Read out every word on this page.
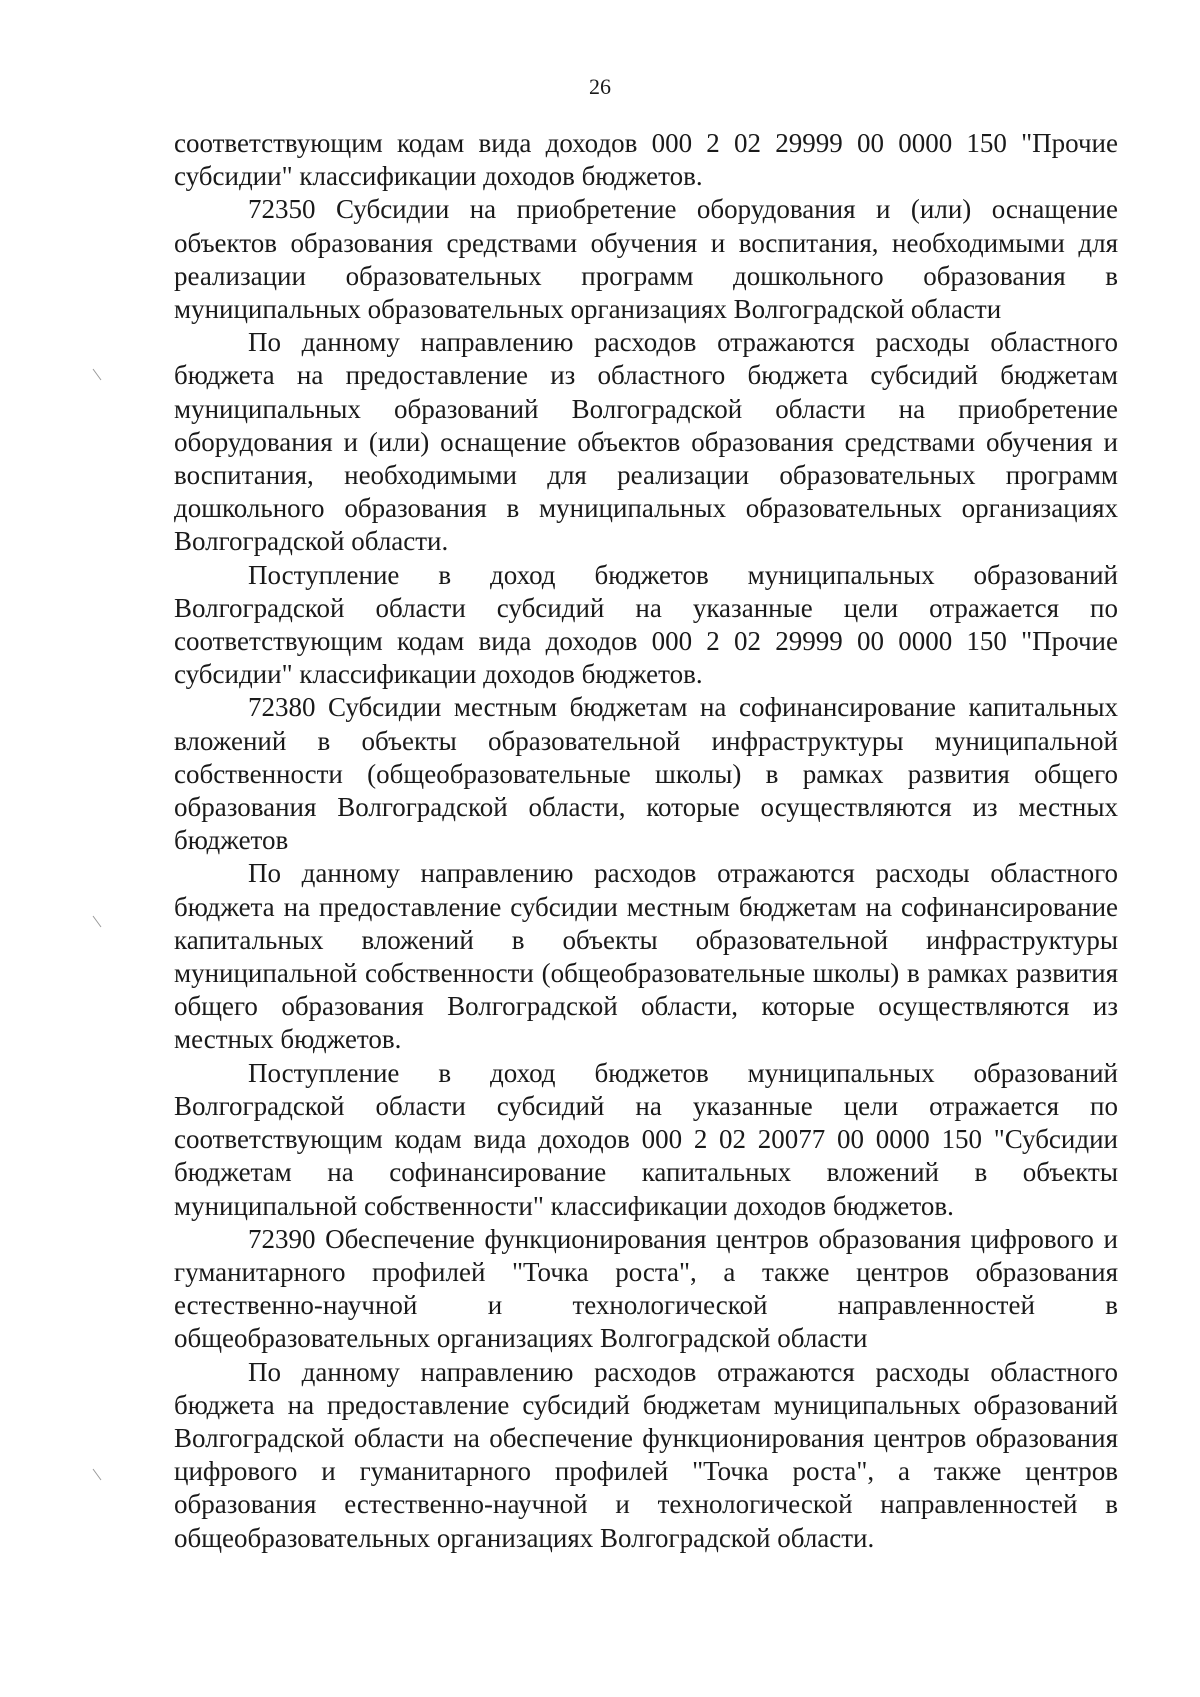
26

соответствующим кодам вида доходов 000 2 02 29999 00 0000 150 "Прочие субсидии" классификации доходов бюджетов.

72350 Субсидии на приобретение оборудования и (или) оснащение объектов образования средствами обучения и воспитания, необходимыми для реализации образовательных программ дошкольного образования в муниципальных образовательных организациях Волгоградской области

По данному направлению расходов отражаются расходы областного бюджета на предоставление из областного бюджета субсидий бюджетам муниципальных образований Волгоградской области на приобретение оборудования и (или) оснащение объектов образования средствами обучения и воспитания, необходимыми для реализации образовательных программ дошкольного образования в муниципальных образовательных организациях Волгоградской области.

Поступление в доход бюджетов муниципальных образований Волгоградской области субсидий на указанные цели отражается по соответствующим кодам вида доходов 000 2 02 29999 00 0000 150 "Прочие субсидии" классификации доходов бюджетов.

72380 Субсидии местным бюджетам на софинансирование капитальных вложений в объекты образовательной инфраструктуры муниципальной собственности (общеобразовательные школы) в рамках развития общего образования Волгоградской области, которые осуществляются из местных бюджетов

По данному направлению расходов отражаются расходы областного бюджета на предоставление субсидии местным бюджетам на софинансирование капитальных вложений в объекты образовательной инфраструктуры муниципальной собственности (общеобразовательные школы) в рамках развития общего образования Волгоградской области, которые осуществляются из местных бюджетов.

Поступление в доход бюджетов муниципальных образований Волгоградской области субсидий на указанные цели отражается по соответствующим кодам вида доходов 000 2 02 20077 00 0000 150 "Субсидии бюджетам на софинансирование капитальных вложений в объекты муниципальной собственности" классификации доходов бюджетов.

72390 Обеспечение функционирования центров образования цифрового и гуманитарного профилей "Точка роста", а также центров образования естественно-научной и технологической направленностей в общеобразовательных организациях Волгоградской области

По данному направлению расходов отражаются расходы областного бюджета на предоставление субсидий бюджетам муниципальных образований Волгоградской области на обеспечение функционирования центров образования цифрового и гуманитарного профилей "Точка роста", а также центров образования естественно-научной и технологической направленностей в общеобразовательных организациях Волгоградской области.
